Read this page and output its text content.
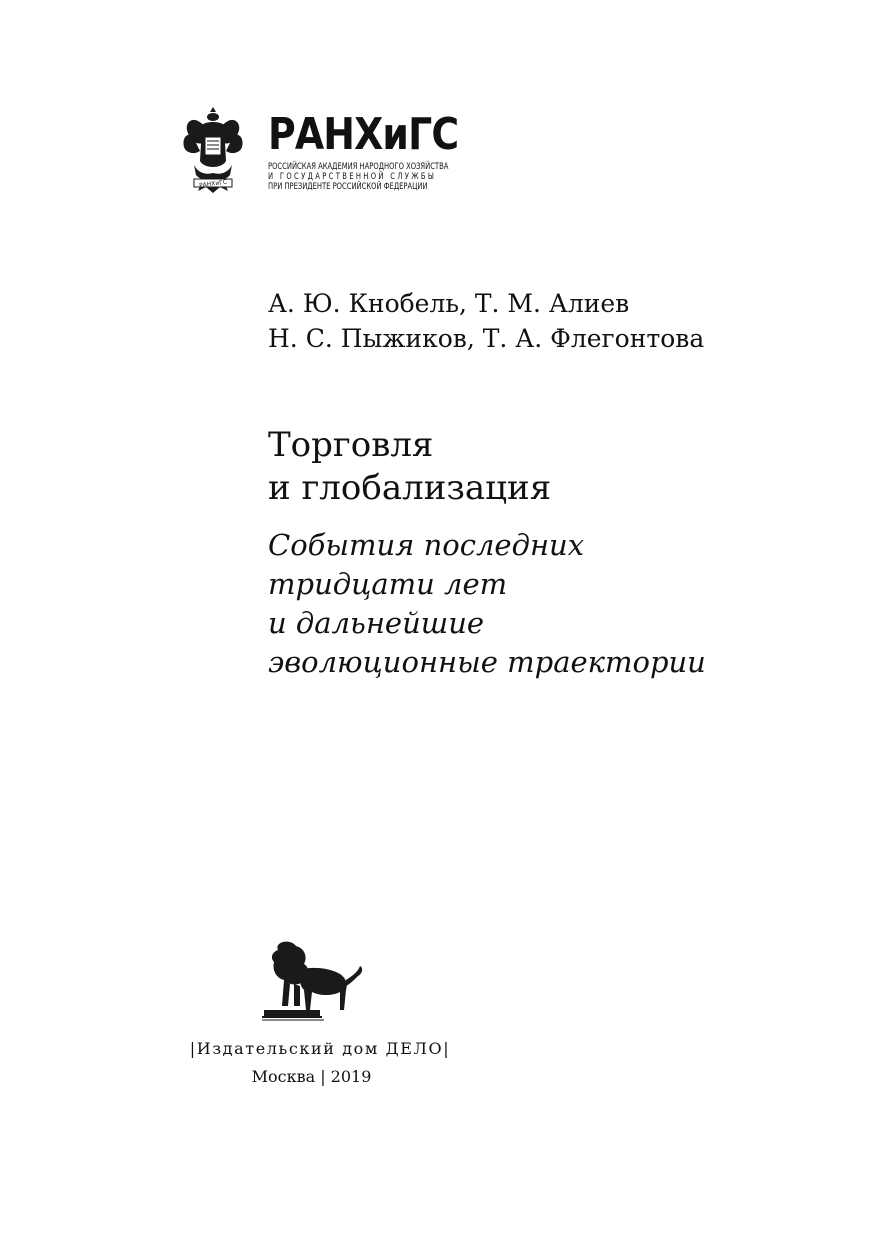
РАНХиГС
РАНХиГС
РОССИЙСКАЯ АКАДЕМИЯ НАРОДНОГО ХОЗЯЙСТВА
И ГОСУДАРСТВЕННОЙ СЛУЖБЫ
ПРИ ПРЕЗИДЕНТЕ РОССИЙСКОЙ ФЕДЕРАЦИИ
А. Ю. Кнобель, Т. М. Алиев
Н. С. Пыжиков, Т. А. Флегонтова
Торговля
и глобализация
События последних
тридцати лет
и дальнейшие
эволюционные траектории
|Издательский дом ДЕЛО|
Москва | 2019
